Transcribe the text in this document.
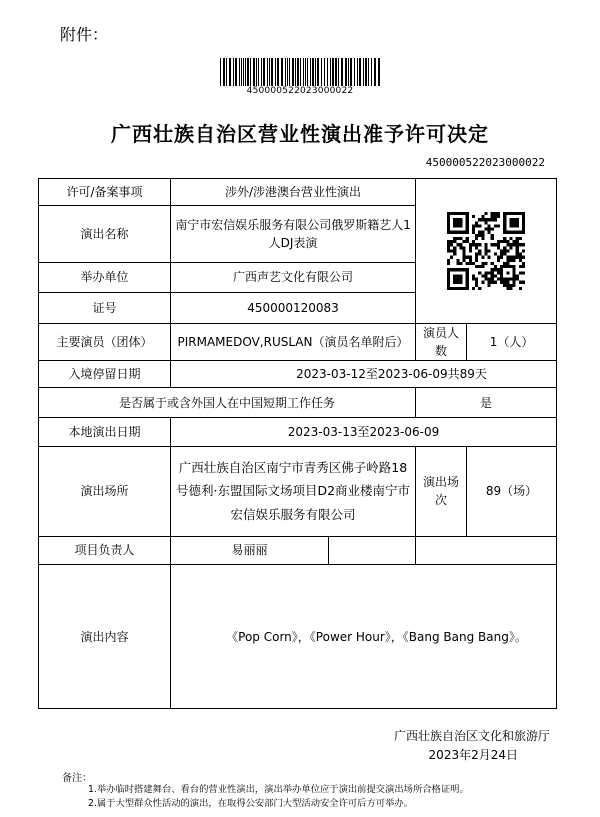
附件：
450000522023000022
广西壮族自治区营业性演出准予许可决定
450000522023000022
许可/备案事项	涉外/涉港澳台营业性演出	

演出名称	南宁市宏信娱乐服务有限公司俄罗斯籍艺人1人DJ表演			
举办单位	广西声艺文化有限公司			
证号	450000120083			
主要演员（团体）	PIRMAMEDOV,RUSLAN（演员名单附后）		演员人数	1（人）
入境停留日期	2023-03-12至2023-06-09共89天			
是否属于或含外国人在中国短期工作任务			是	
本地演出日期	2023-03-13至2023-06-09			
演出场所	广西壮族自治区南宁市青秀区佛子岭路18号德利·东盟国际文场项目D2商业楼南宁市宏信娱乐服务有限公司		演出场次	89（场）
项目负责人	易丽丽			
演出内容	《Pop Corn》，《Power Hour》，《Bang Bang Bang》。			
广西壮族自治区文化和旅游厅
2023年2月24日
备注：
1.举办临时搭建舞台、看台的营业性演出，演出举办单位应于演出前提交演出场所合格证明。
2.属于大型群众性活动的演出，在取得公安部门大型活动安全许可后方可举办。
